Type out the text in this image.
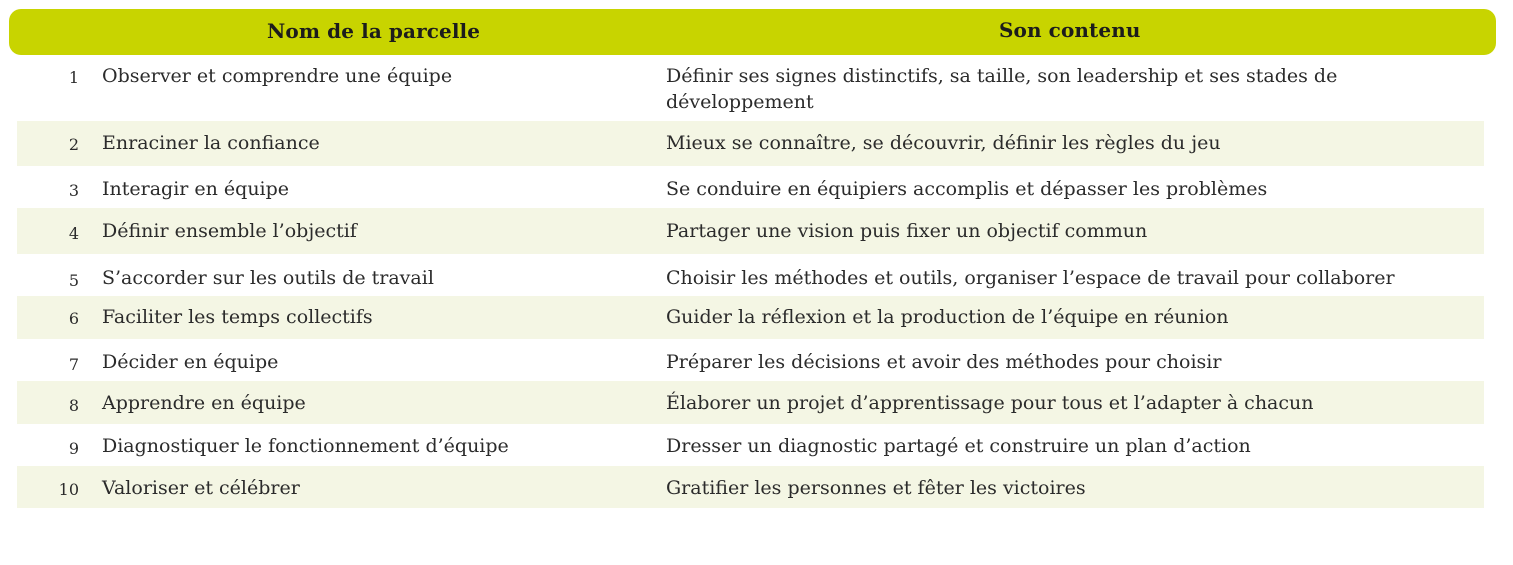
Nom de la parcelle	Son contenu
1 Observer et comprendre une équipe	Définir ses signes distinctifs, sa taille, son leadership et ses stades de développement
2 Enraciner la confiance	Mieux se connaître, se découvrir, définir les règles du jeu
3 Interagir en équipe	Se conduire en équipiers accomplis et dépasser les problèmes
4 Définir ensemble l’objectif	Partager une vision puis fixer un objectif commun
5 S’accorder sur les outils de travail	Choisir les méthodes et outils, organiser l’espace de travail pour collaborer
6 Faciliter les temps collectifs	Guider la réflexion et la production de l’équipe en réunion
7 Décider en équipe	Préparer les décisions et avoir des méthodes pour choisir
8 Apprendre en équipe	Élaborer un projet d’apprentissage pour tous et l’adapter à chacun
9 Diagnostiquer le fonctionnement d’équipe	Dresser un diagnostic partagé et construire un plan d’action
10 Valoriser et célébrer	Gratifier les personnes et fêter les victoires
